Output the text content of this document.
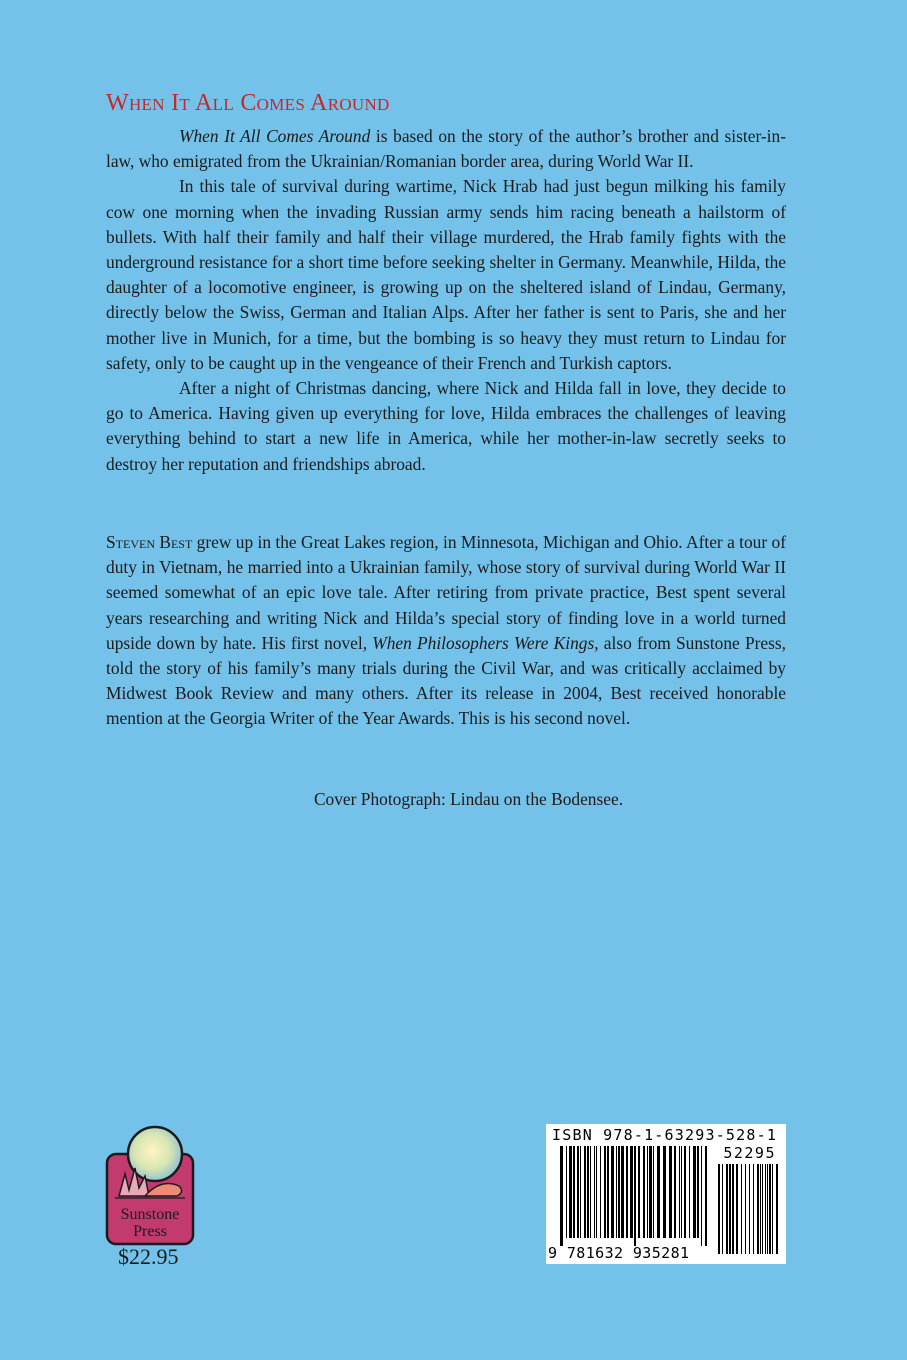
When It All Comes Around

When It All Comes Around is based on the story of the author’s brother and sister-in-law, who emigrated from the Ukrainian/Romanian border area, during World War II.

In this tale of survival during wartime, Nick Hrab had just begun milking his family cow one morning when the invading Russian army sends him racing beneath a hailstorm of bullets. With half their family and half their village murdered, the Hrab family fights with the underground resistance for a short time before seeking shelter in Germany. Meanwhile, Hilda, the daughter of a locomotive engineer, is growing up on the sheltered island of Lindau, Germany, directly below the Swiss, German and Italian Alps. After her father is sent to Paris, she and her mother live in Munich, for a time, but the bombing is so heavy they must return to Lindau for safety, only to be caught up in the vengeance of their French and Turkish captors.

After a night of Christmas dancing, where Nick and Hilda fall in love, they decide to go to America. Having given up everything for love, Hilda embraces the challenges of leaving everything behind to start a new life in America, while her mother-in-law secretly seeks to destroy her reputation and friendships abroad.

Steven Best grew up in the Great Lakes region, in Minnesota, Michigan and Ohio. After a tour of duty in Vietnam, he married into a Ukrainian family, whose story of survival during World War II seemed somewhat of an epic love tale. After retiring from private practice, Best spent several years researching and writing Nick and Hilda’s special story of finding love in a world turned upside down by hate. His first novel, When Philosophers Were Kings, also from Sunstone Press, told the story of his family’s many trials during the Civil War, and was critically acclaimed by Midwest Book Review and many others. After its release in 2004, Best received honorable mention at the Georgia Writer of the Year Awards. This is his second novel.

Cover Photograph: Lindau on the Bodensee.
Sunstone
Press
$22.95
ISBN 978-1-63293-528-1
52295
9 781632 935281
